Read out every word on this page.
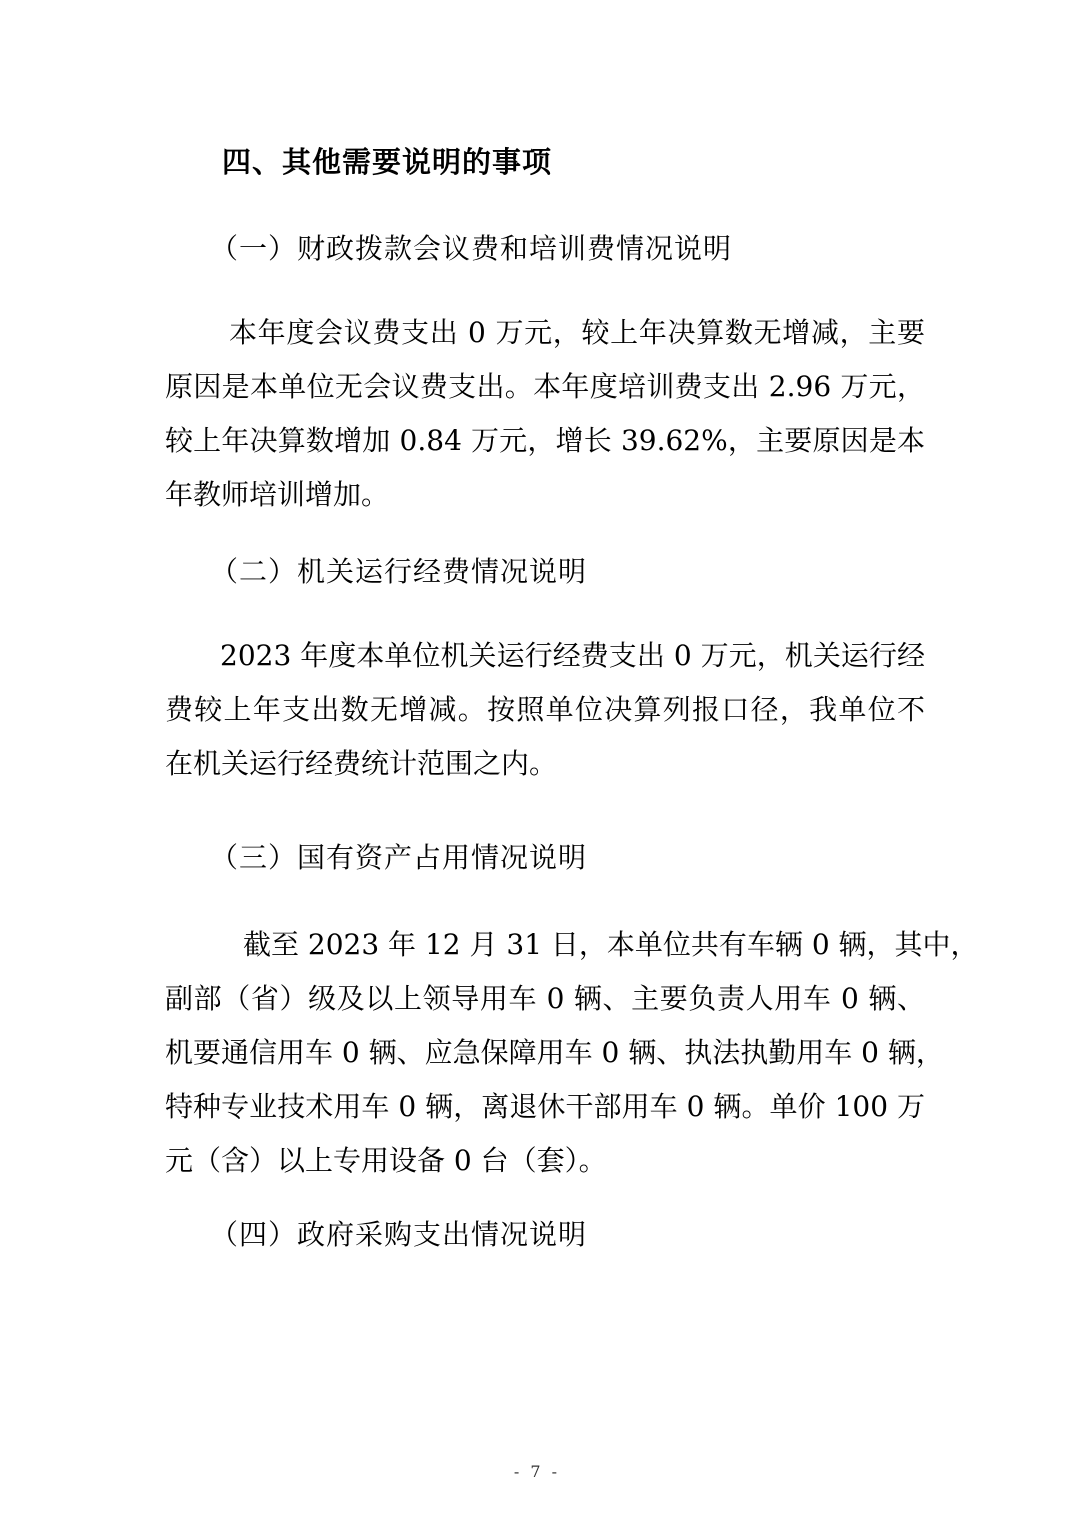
四、其他需要说明的事项
（一）财政拨款会议费和培训费情况说明
本年度会议费支出 0 万元，较上年决算数无增减，主要
原因是本单位无会议费支出。本年度培训费支出 2.96 万元，
较上年决算数增加 0.84 万元，增长 39.62%，主要原因是本
年教师培训增加。
（二）机关运行经费情况说明
2023 年度本单位机关运行经费支出 0 万元，机关运行经
费较上年支出数无增减。按照单位决算列报口径，我单位不
在机关运行经费统计范围之内。
（三）国有资产占用情况说明
截至 2023 年 12 月 31 日，本单位共有车辆 0 辆，其中，
副部（省）级及以上领导用车 0 辆、主要负责人用车 0 辆、
机要通信用车 0 辆、应急保障用车 0 辆、执法执勤用车 0 辆，
特种专业技术用车 0 辆，离退休干部用车 0 辆。单价 100 万
元（含）以上专用设备 0 台（套）。
（四）政府采购支出情况说明
- 7 -
